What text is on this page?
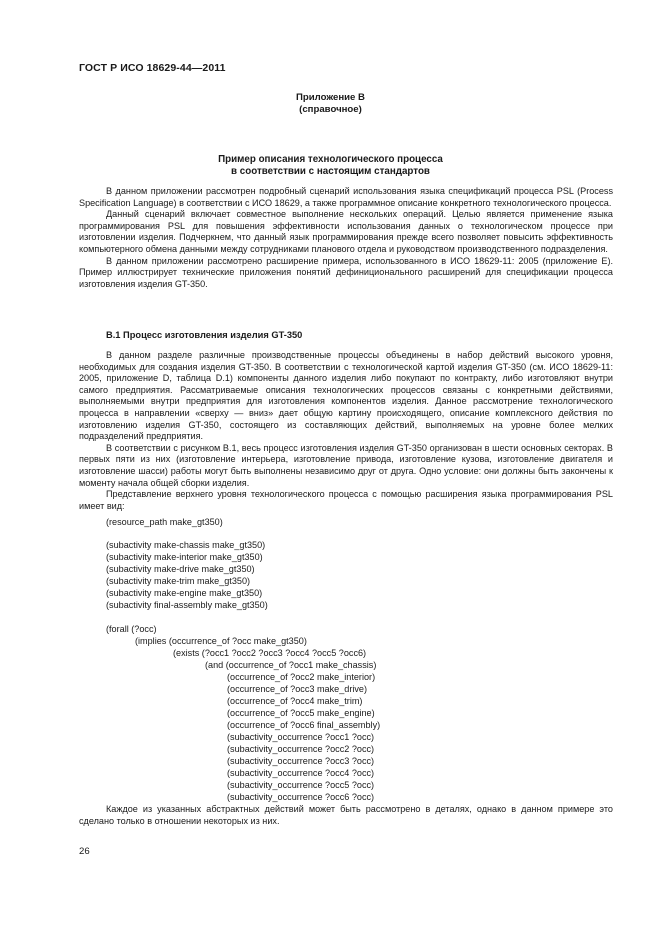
ГОСТ Р ИСО 18629-44—2011
Приложение В
(справочное)
Пример описания технологического процесса
в соответствии с настоящим стандартов

В данном приложении рассмотрен подробный сценарий использования языка спецификаций процесса PSL (Process Specification Language) в соответствии с ИСО 18629, а также программное описание конкретного технологического процесса.

Данный сценарий включает совместное выполнение нескольких операций. Целью является применение языка программирования PSL для повышения эффективности использования данных о технологическом процессе при изготовлении изделия. Подчеркнем, что данный язык программирования прежде всего позволяет повысить эффективность компьютерного обмена данными между сотрудниками планового отдела и руководством производственного подразделения.

В данном приложении рассмотрено расширение примера, использованного в ИСО 18629-11: 2005 (приложение Е). Пример иллюстрирует технические приложения понятий дефиниционального расширений для спецификации процесса изготовления изделия GT-350.

В.1 Процесс изготовления изделия GT-350

В данном разделе различные производственные процессы объединены в набор действий высокого уровня, необходимых для создания изделия GT-350. В соответствии с технологической картой изделия GT-350 (см. ИСО 18629-11: 2005, приложение D, таблица D.1) компоненты данного изделия либо покупают по контракту, либо изготовляют внутри самого предприятия. Рассматриваемые описания технологических процессов связаны с конкретными действиями, выполняемыми внутри предприятия для изготовления компонентов изделия. Данное рассмотрение технологического процесса в направлении «сверху — вниз» дает общую картину происходящего, описание комплексного действия по изготовлению изделия GT-350, состоящего из составляющих действий, выполняемых на уровне более мелких подразделений предприятия.

В соответствии с рисунком В.1, весь процесс изготовления изделия GT-350 организован в шести основных секторах. В первых пяти из них (изготовление интерьера, изготовление привода, изготовление кузова, изготовление двигателя и изготовление шасси) работы могут быть выполнены независимо друг от друга. Одно условие: они должны быть закончены к моменту начала общей сборки изделия.

Представление верхнего уровня технологического процесса с помощью расширения языка программирования PSL имеет вид:

(resource_path make_gt350)
(subactivity make-chassis make_gt350)
(subactivity make-interior make_gt350)
(subactivity make-drive make_gt350)
(subactivity make-trim make_gt350)
(subactivity make-engine make_gt350)
(subactivity final-assembly make_gt350)
(forall (?occ)
(implies (occurrence_of ?occ make_gt350)
(exists (?occ1 ?occ2 ?occ3 ?occ4 ?occ5 ?occ6)
(and (occurrence_of ?occ1 make_chassis)
(occurrence_of ?occ2 make_interior)
(occurrence_of ?occ3 make_drive)
(occurrence_of ?occ4 make_trim)
(occurrence_of ?occ5 make_engine)
(occurrence_of ?occ6 final_assembly)
(subactivity_occurrence ?occ1 ?occ)
(subactivity_occurrence ?occ2 ?occ)
(subactivity_occurrence ?occ3 ?occ)
(subactivity_occurrence ?occ4 ?occ)
(subactivity_occurrence ?occ5 ?occ)
(subactivity_occurrence ?occ6 ?occ)

Каждое из указанных абстрактных действий может быть рассмотрено в деталях, однако в данном примере это сделано только в отношении некоторых из них.

26
